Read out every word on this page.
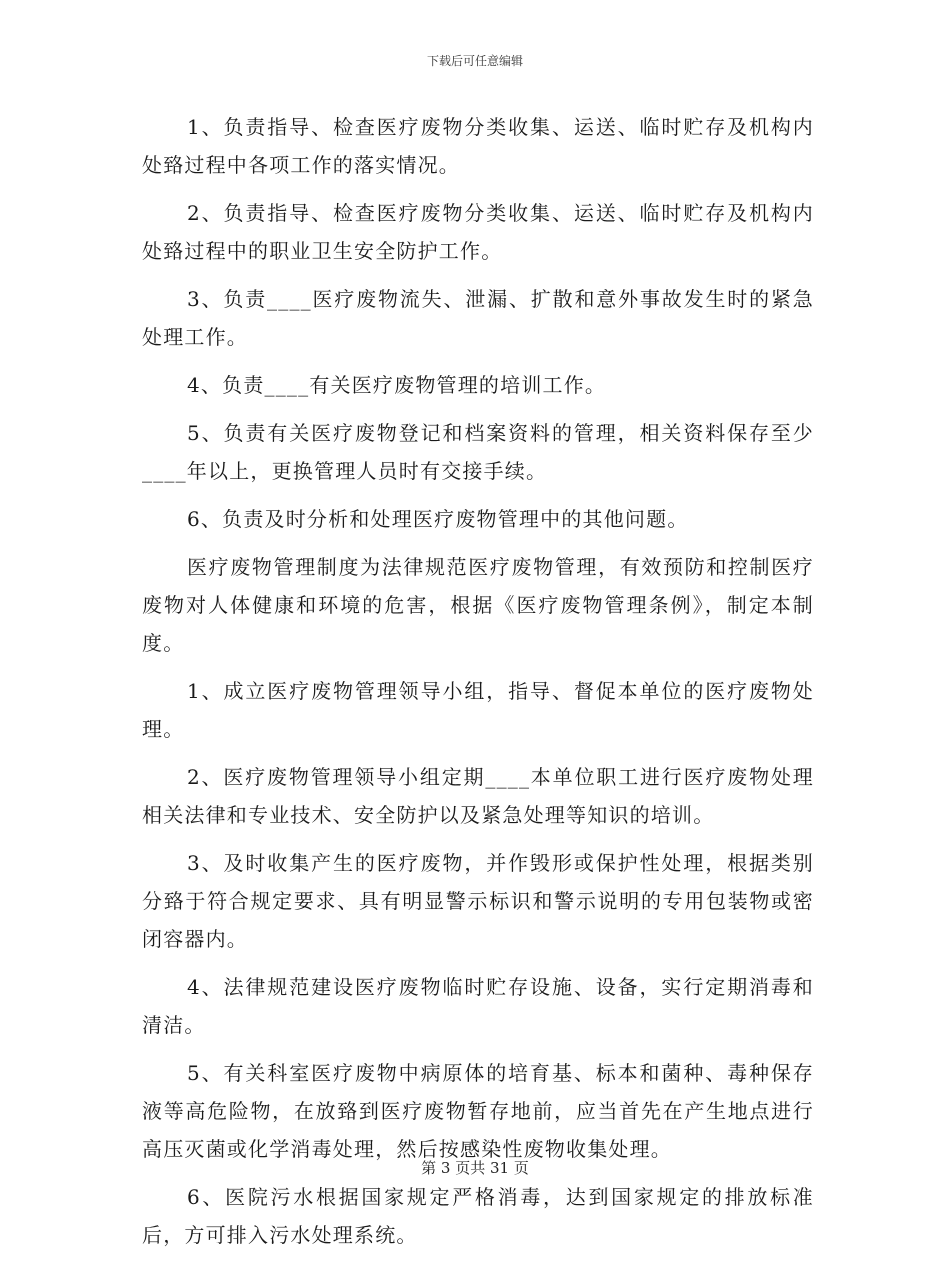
下载后可任意编辑

1、负责指导、检查医疗废物分类收集、运送、临时贮存及机构内处臵过程中各项工作的落实情况。

2、负责指导、检查医疗废物分类收集、运送、临时贮存及机构内处臵过程中的职业卫生安全防护工作。

3、负责____医疗废物流失、泄漏、扩散和意外事故发生时的紧急处理工作。

4、负责____有关医疗废物管理的培训工作。

5、负责有关医疗废物登记和档案资料的管理，相关资料保存至少____年以上，更换管理人员时有交接手续。

6、负责及时分析和处理医疗废物管理中的其他问题。

医疗废物管理制度为法律规范医疗废物管理，有效预防和控制医疗废物对人体健康和环境的危害，根据《医疗废物管理条例》，制定本制度。

1、成立医疗废物管理领导小组，指导、督促本单位的医疗废物处理。

2、医疗废物管理领导小组定期____本单位职工进行医疗废物处理相关法律和专业技术、安全防护以及紧急处理等知识的培训。

3、及时收集产生的医疗废物，并作毁形或保护性处理，根据类别分臵于符合规定要求、具有明显警示标识和警示说明的专用包装物或密闭容器内。

4、法律规范建设医疗废物临时贮存设施、设备，实行定期消毒和清洁。

5、有关科室医疗废物中病原体的培育基、标本和菌种、毒种保存液等高危险物，在放臵到医疗废物暂存地前，应当首先在产生地点进行高压灭菌或化学消毒处理，然后按感染性废物收集处理。

6、医院污水根据国家规定严格消毒，达到国家规定的排放标准后，方可排入污水处理系统。

第 3 页共 31 页
